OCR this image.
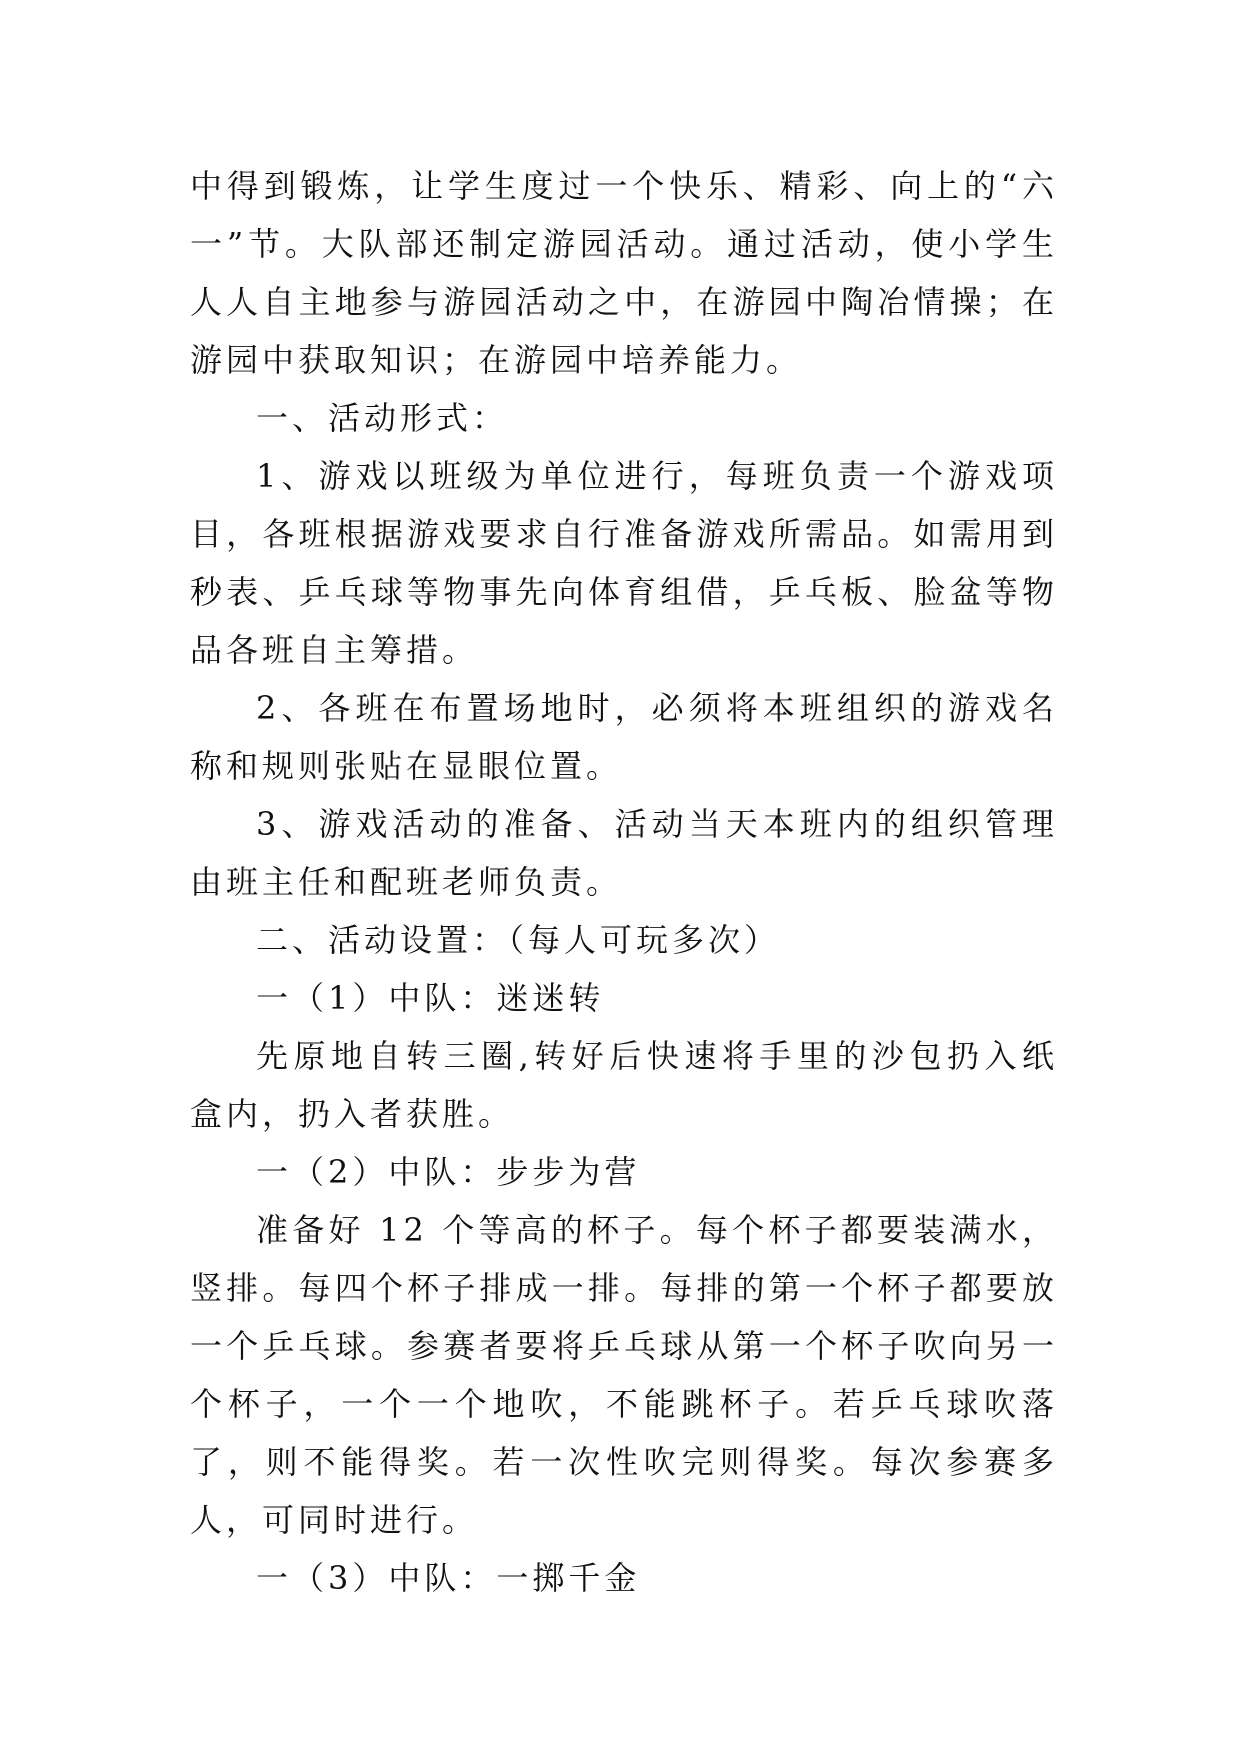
中得到锻炼，让学生度过一个快乐、精彩、向上的“六一”节。大队部还制定游园活动。通过活动，使小学生人人自主地参与游园活动之中，在游园中陶冶情操；在游园中获取知识；在游园中培养能力。

一、活动形式：

1、游戏以班级为单位进行，每班负责一个游戏项目，各班根据游戏要求自行准备游戏所需品。如需用到秒表、乒乓球等物事先向体育组借，乒乓板、脸盆等物品各班自主筹措。

2、各班在布置场地时，必须将本班组织的游戏名称和规则张贴在显眼位置。

3、游戏活动的准备、活动当天本班内的组织管理由班主任和配班老师负责。

二、活动设置：（每人可玩多次）

一（1）中队：迷迷转

先原地自转三圈,转好后快速将手里的沙包扔入纸盒内，扔入者获胜。

一（2）中队：步步为营

准备好 12 个等高的杯子。每个杯子都要装满水，竖排。每四个杯子排成一排。每排的第一个杯子都要放一个乒乓球。参赛者要将乒乓球从第一个杯子吹向另一个杯子，一个一个地吹，不能跳杯子。若乒乓球吹落了，则不能得奖。若一次性吹完则得奖。每次参赛多人，可同时进行。

一（3）中队：一掷千金
